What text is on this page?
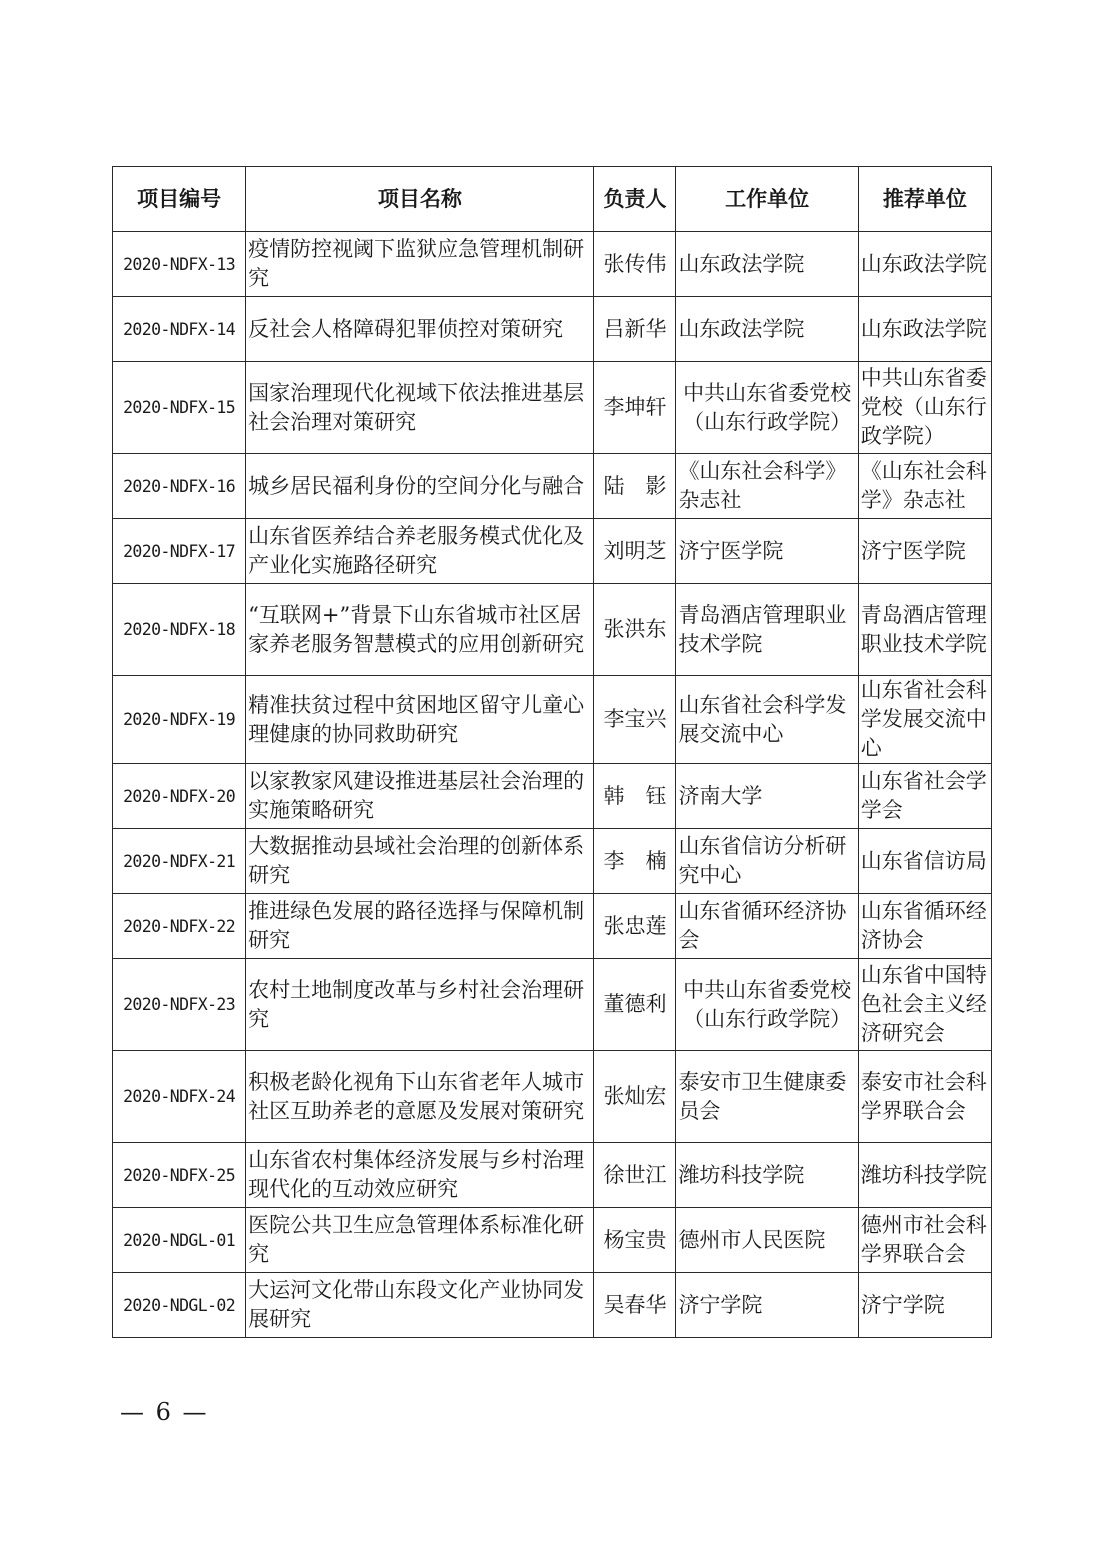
项目编号	项目名称	负责人	工作单位	推荐单位
2020-NDFX-13	疫情防控视阈下监狱应急管理机制研究	张传伟	山东政法学院	山东政法学院
2020-NDFX-14	反社会人格障碍犯罪侦控对策研究	吕新华	山东政法学院	山东政法学院
2020-NDFX-15	国家治理现代化视域下依法推进基层社会治理对策研究	李坤轩	中共山东省委党校（山东行政学院）	中共山东省委党校（山东行政学院）
2020-NDFX-16	城乡居民福利身份的空间分化与融合	陆　影	《山东社会科学》杂志社	《山东社会科学》杂志社
2020-NDFX-17	山东省医养结合养老服务模式优化及产业化实施路径研究	刘明芝	济宁医学院	济宁医学院
2020-NDFX-18	“互联网+”背景下山东省城市社区居家养老服务智慧模式的应用创新研究	张洪东	青岛酒店管理职业技术学院	青岛酒店管理职业技术学院
2020-NDFX-19	精准扶贫过程中贫困地区留守儿童心理健康的协同救助研究	李宝兴	山东省社会科学发展交流中心	山东省社会科学发展交流中心
2020-NDFX-20	以家教家风建设推进基层社会治理的实施策略研究	韩　钰	济南大学	山东省社会学学会
2020-NDFX-21	大数据推动县域社会治理的创新体系研究	李　楠	山东省信访分析研究中心	山东省信访局
2020-NDFX-22	推进绿色发展的路径选择与保障机制研究	张忠莲	山东省循环经济协会	山东省循环经济协会
2020-NDFX-23	农村土地制度改革与乡村社会治理研究	董德利	中共山东省委党校（山东行政学院）	山东省中国特色社会主义经济研究会
2020-NDFX-24	积极老龄化视角下山东省老年人城市社区互助养老的意愿及发展对策研究	张灿宏	泰安市卫生健康委员会	泰安市社会科学界联合会
2020-NDFX-25	山东省农村集体经济发展与乡村治理现代化的互动效应研究	徐世江	潍坊科技学院	潍坊科技学院
2020-NDGL-01	医院公共卫生应急管理体系标准化研究	杨宝贵	德州市人民医院	德州市社会科学界联合会
2020-NDGL-02	大运河文化带山东段文化产业协同发展研究	吴春华	济宁学院	济宁学院
— 6 —
